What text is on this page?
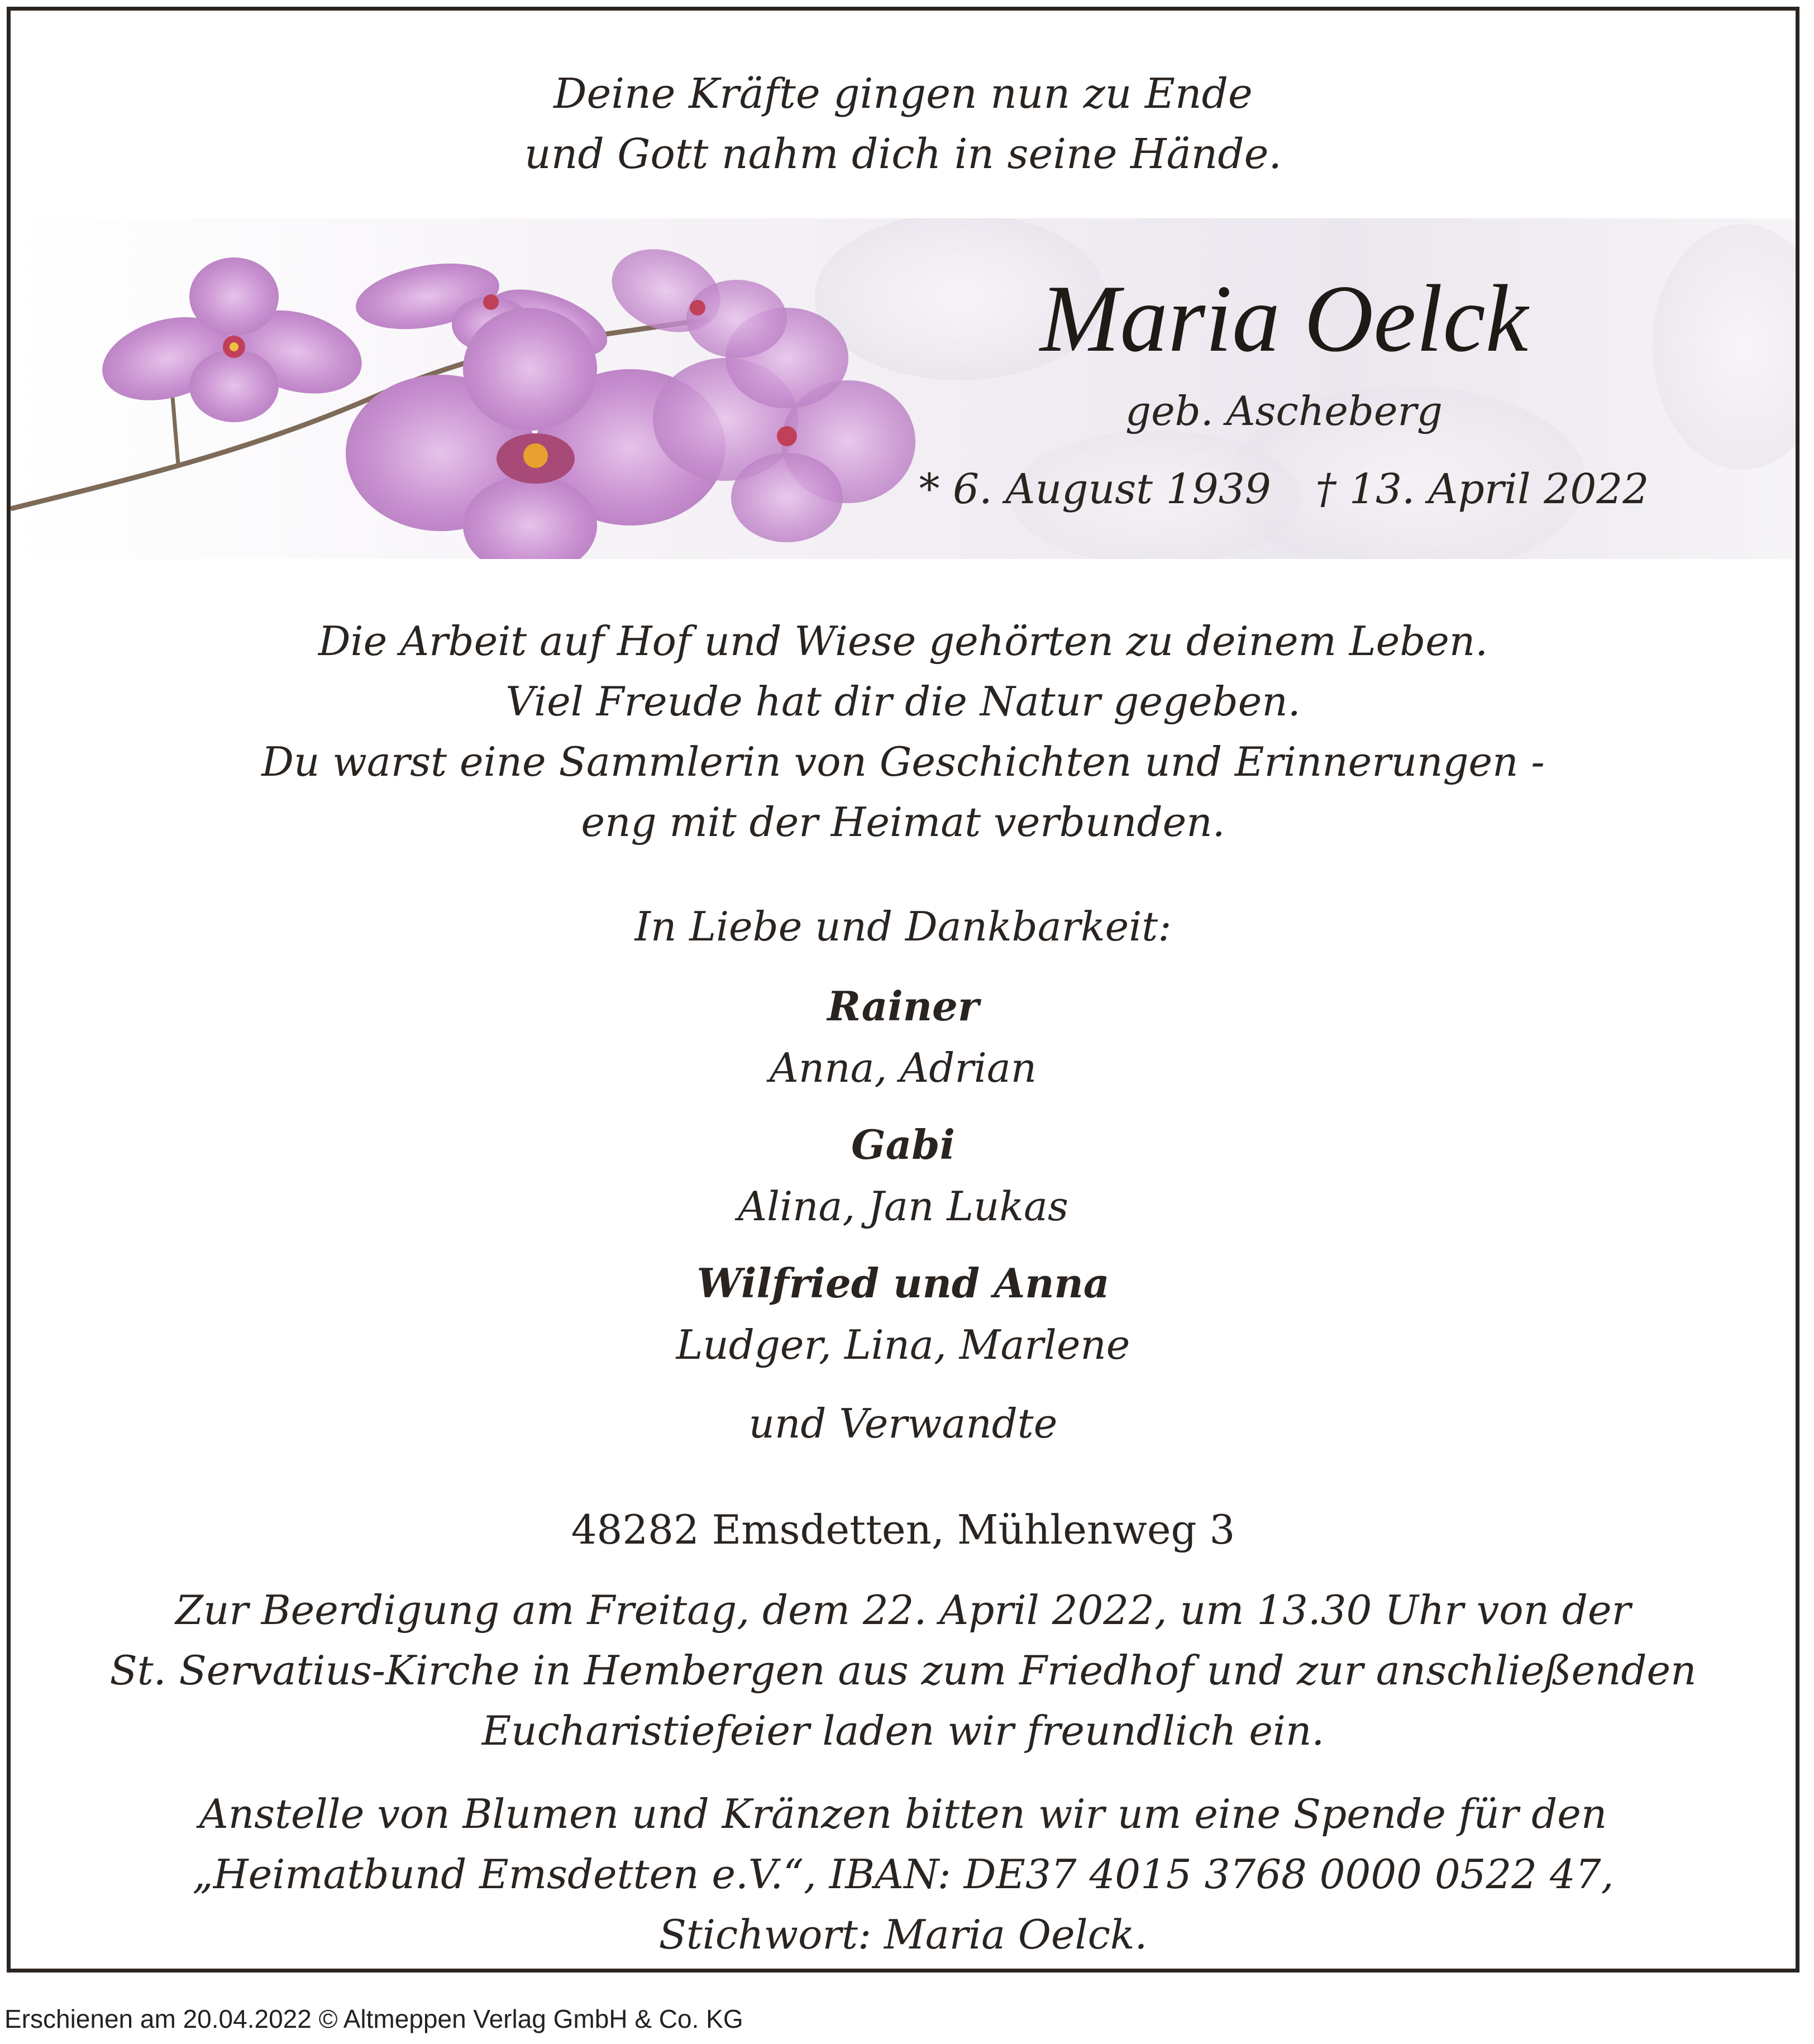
Deine Kräfte gingen nun zu Ende
und Gott nahm dich in seine Hände.
Maria Oelck
geb. Ascheberg
* 6. August 1939 † 13. April 2022
Die Arbeit auf Hof und Wiese gehörten zu deinem Leben.
Viel Freude hat dir die Natur gegeben.
Du warst eine Sammlerin von Geschichten und Erinnerungen -
eng mit der Heimat verbunden.
In Liebe und Dankbarkeit:
Rainer
Anna, Adrian
Gabi
Alina, Jan Lukas
Wilfried und Anna
Ludger, Lina, Marlene
und Verwandte
48282 Emsdetten, Mühlenweg 3
Zur Beerdigung am Freitag, dem 22. April 2022, um 13.30 Uhr von der
St. Servatius-Kirche in Hembergen aus zum Friedhof und zur anschließenden
Eucharistiefeier laden wir freundlich ein.
Anstelle von Blumen und Kränzen bitten wir um eine Spende für den
„Heimatbund Emsdetten e.V.“, IBAN: DE37 4015 3768 0000 0522 47,
Stichwort: Maria Oelck.
Erschienen am 20.04.2022 © Altmeppen Verlag GmbH & Co. KG
